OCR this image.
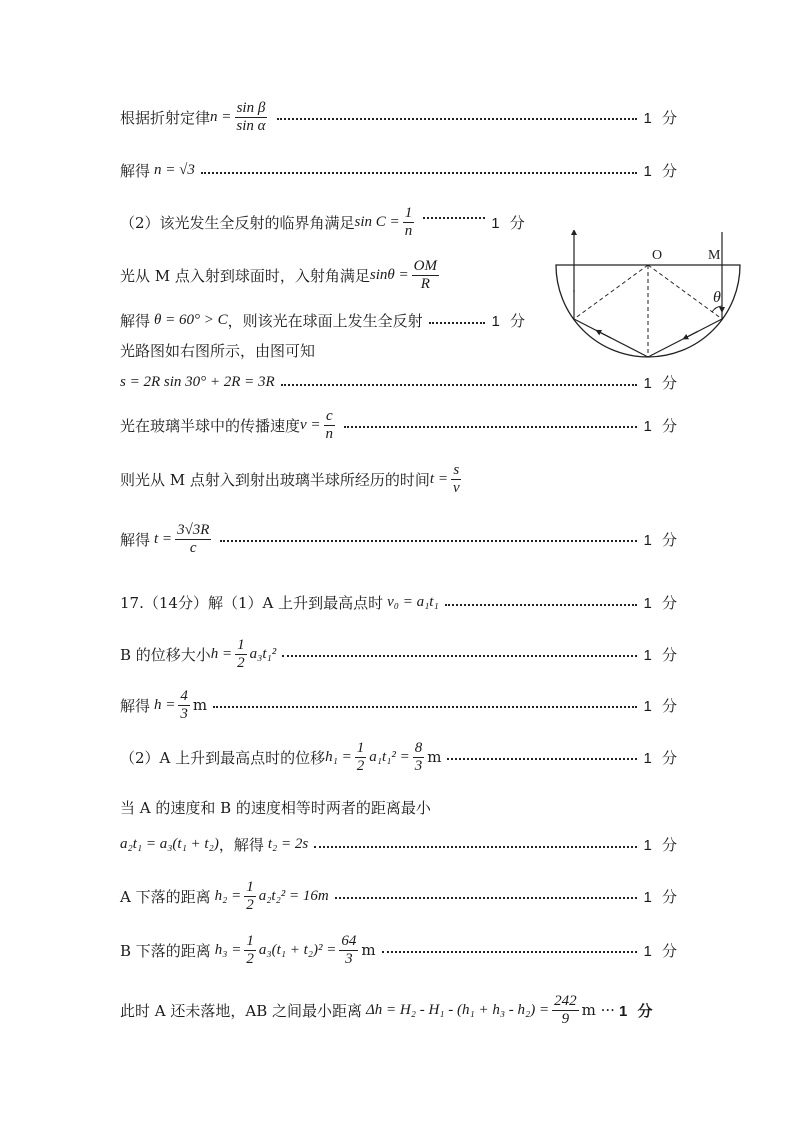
根据折射定律 $n = \frac{\text{sin β}}{\text{sin α}}$	1 分
解得 n = √3	1 分
（2）该光发生全反射的临界角满足 $\sin C = \frac{1}{n}$	1 分
光从 M 点入射到球面时，入射角满足 $\sin\theta = \frac{OM}{R}$
解得 θ = 60° > C ，则该光在球面上发生全反射	1 分
光路图如右图所示，由图可知
s = 2R sin 30° + 2R = 3R	1 分
光在玻璃半球中的传播速度 $v = \frac{c}{n}$	1 分
则光从 M 点射入到射出玻璃半球所经历的时间 $t = \frac{s}{v}$
解得 $t = \frac{3√3R}{c}$	1 分
17.（14分）解（1）A 上升到最高点时 v₀ = a₁t₁	1 分
B 的位移大小 $h = \frac{1}{2} a_3t_1^2$	1 分
解得 $h = \frac{4}{3}$ m	1 分
（2）A 上升到最高点时的位移 $h_1 = \frac{1}{2} a_1t_1^2 = \frac{8}{3}$ m	1 分
当 A 的速度和 B 的速度相等时两者的距离最小
a₂t₁ = a₃(t₁ + t₂) ，解得 t₂ = 2s	1 分
A 下落的距离 $h_2 = \frac{1}{2} a_2t_2^2 = 16m$	1 分
B 下落的距离 $h_3 = \frac{1}{2} a_3(t_1 + t_2)^2 = \frac{64}{3}$ m	1 分
此时 A 还未落地，AB 之间最小距离 $\Delta h = H_2 - H_1 - (h_1 + h_3 - h_2) = \frac{242}{9}$ m ··· 1 分
O	M
θ
